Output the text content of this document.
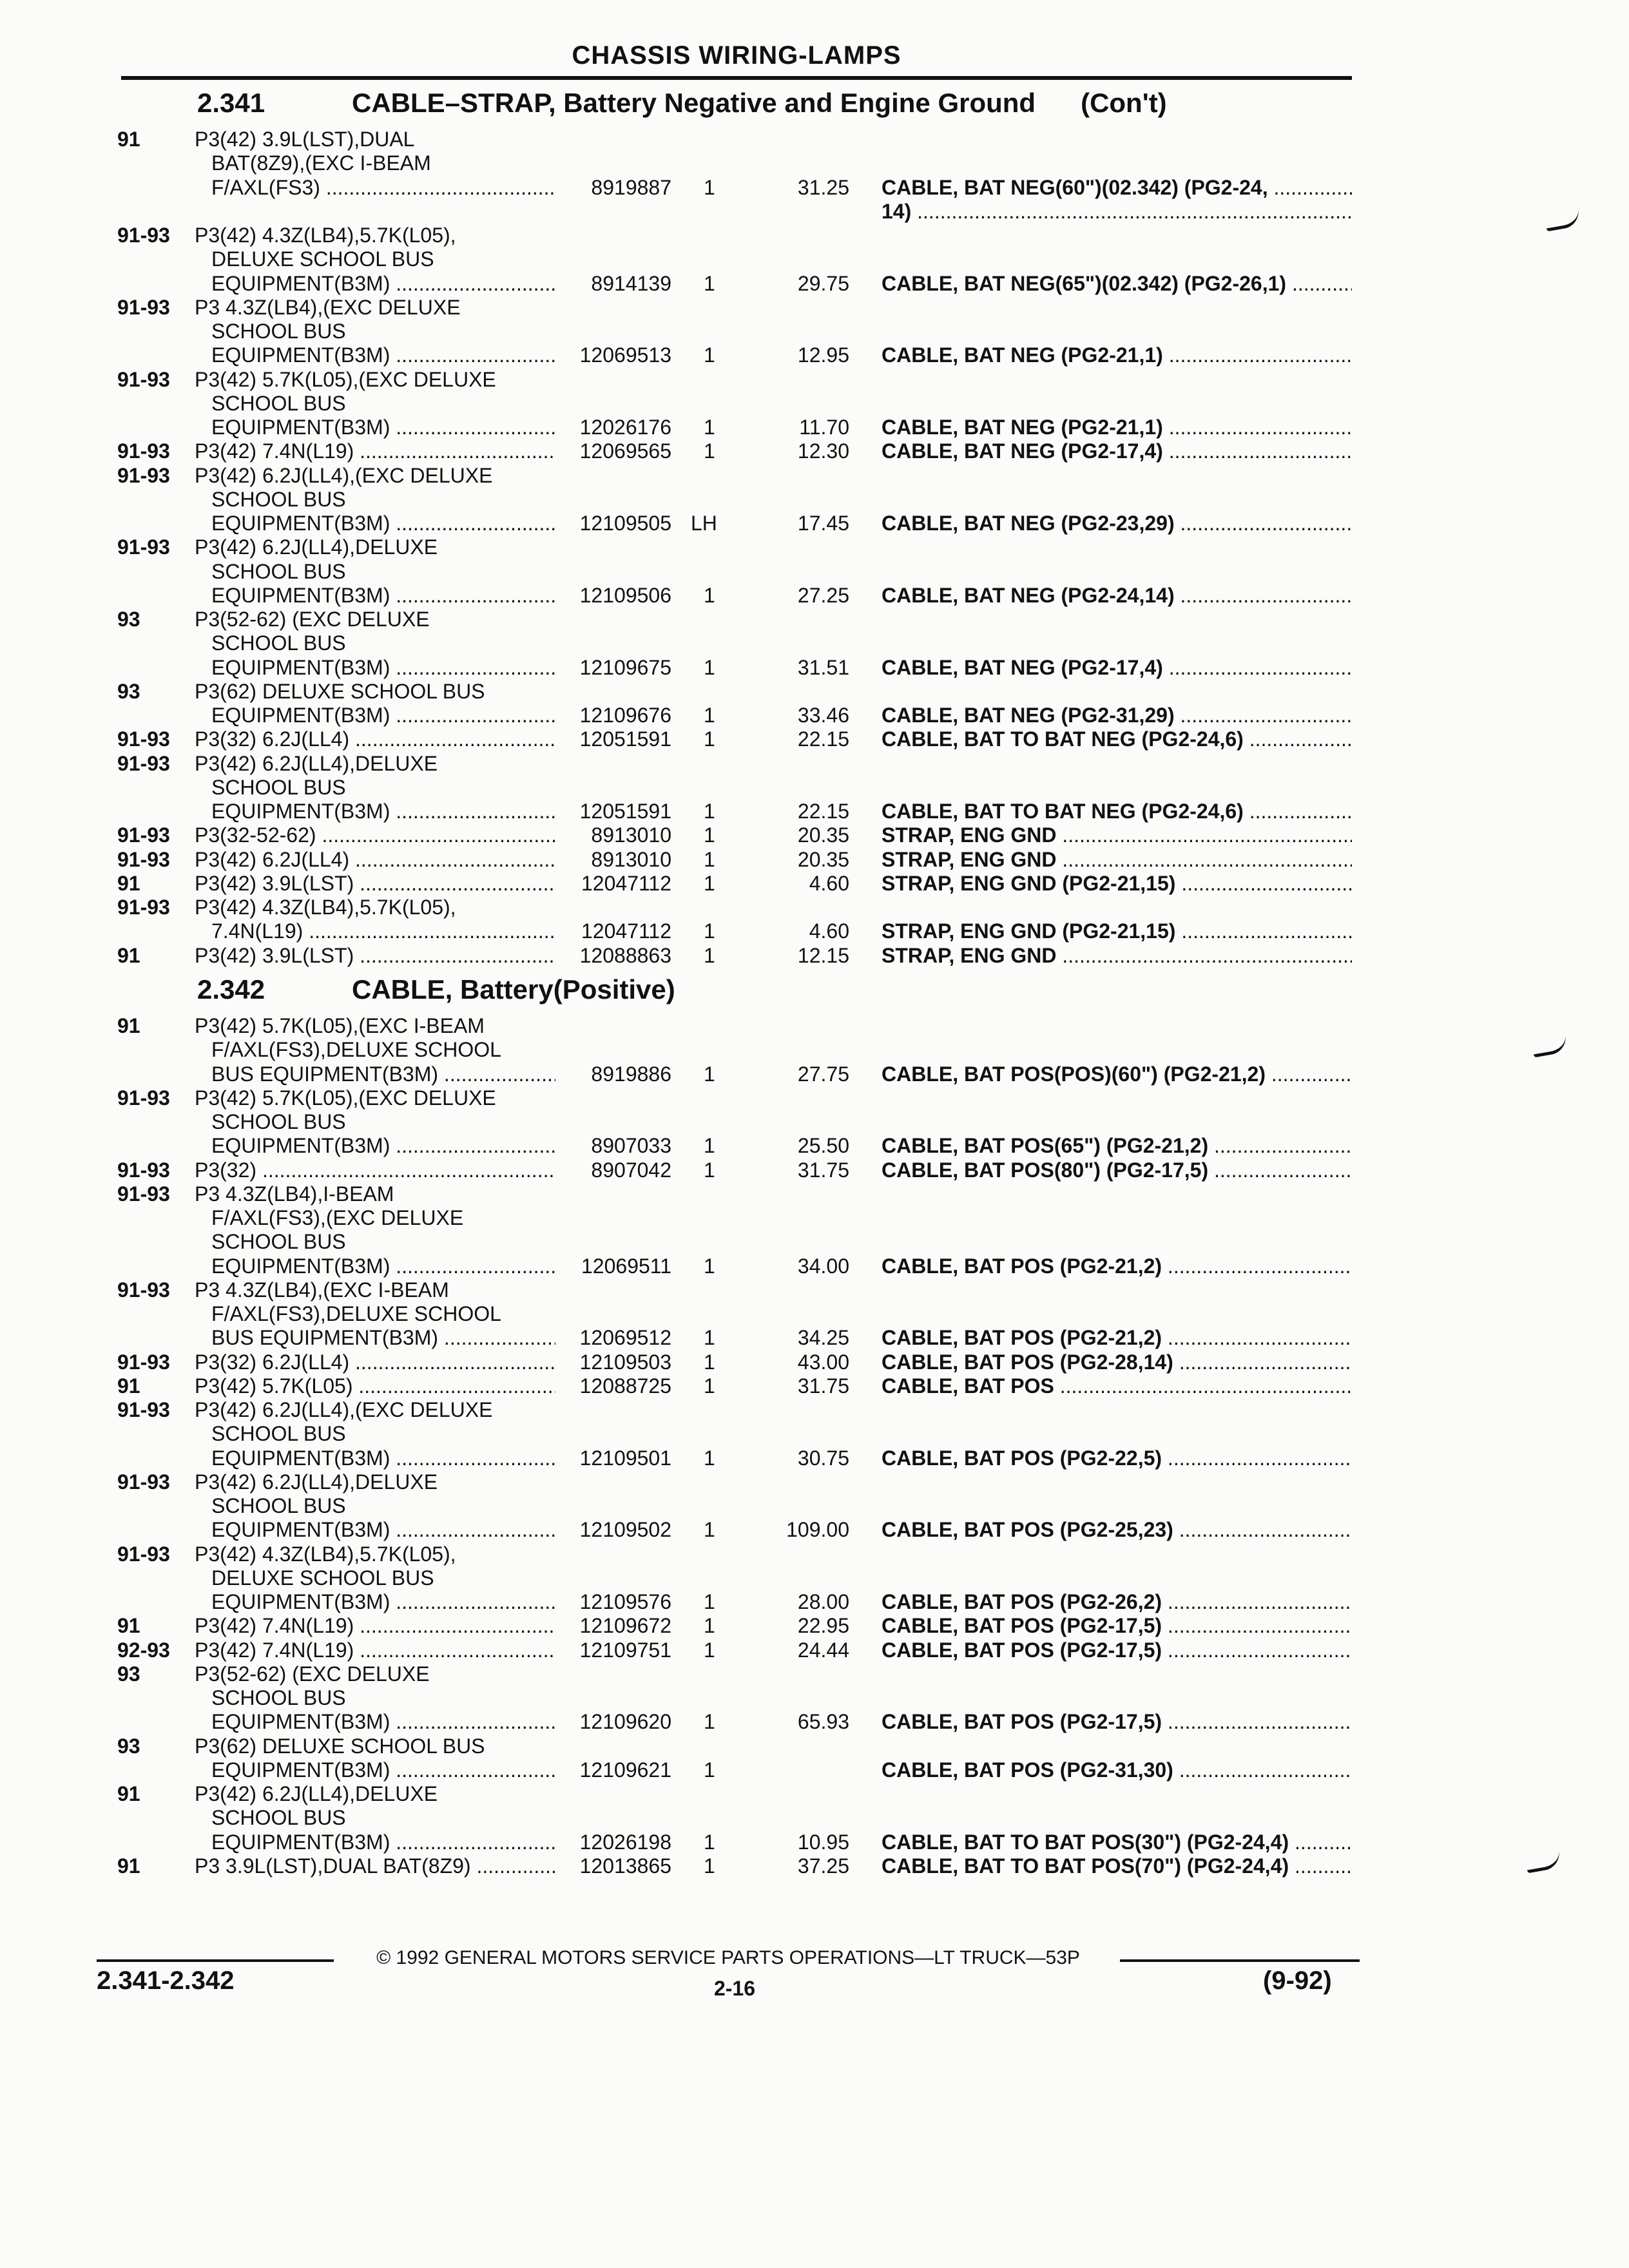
CHASSIS WIRING-LAMPS
2.341	CABLE–STRAP, Battery Negative and Engine Ground (Con't)
91	P3(42) 3.9L(LST),DUAL
BAT(8Z9),(EXC I-BEAM
F/AXL(FS3) .....	8919887 1	31.25 CABLE, BAT NEG(60")(02.342) (PG2-24, .....
14) .....
91-93 P3(42) 4.3Z(LB4),5.7K(L05),
DELUXE SCHOOL BUS
EQUIPMENT(B3M) .....	8914139 1	29.75 CABLE, BAT NEG(65")(02.342) (PG2-26,1) .....
91-93 P3 4.3Z(LB4),(EXC DELUXE
SCHOOL BUS
EQUIPMENT(B3M) .....	12069513 1	12.95 CABLE, BAT NEG (PG2-21,1) .....
91-93 P3(42) 5.7K(L05),(EXC DELUXE
SCHOOL BUS
EQUIPMENT(B3M) .....	12026176 1	11.70 CABLE, BAT NEG (PG2-21,1) .....
91-93 P3(42) 7.4N(L19) .....	12069565 1	12.30 CABLE, BAT NEG (PG2-17,4) .....
91-93 P3(42) 6.2J(LL4),(EXC DELUXE
SCHOOL BUS
EQUIPMENT(B3M) .....	12109505 LH	17.45 CABLE, BAT NEG (PG2-23,29) .....
91-93 P3(42) 6.2J(LL4),DELUXE
SCHOOL BUS
EQUIPMENT(B3M) .....	12109506 1	27.25 CABLE, BAT NEG (PG2-24,14) .....
93	P3(52-62) (EXC DELUXE
SCHOOL BUS
EQUIPMENT(B3M) .....	12109675 1	31.51 CABLE, BAT NEG (PG2-17,4) .....
93	P3(62) DELUXE SCHOOL BUS
EQUIPMENT(B3M) .....	12109676 1	33.46 CABLE, BAT NEG (PG2-31,29) .....
91-93 P3(32) 6.2J(LL4) .....	12051591 1	22.15 CABLE, BAT TO BAT NEG (PG2-24,6) .....
91-93 P3(42) 6.2J(LL4),DELUXE
SCHOOL BUS
EQUIPMENT(B3M) .....	12051591 1	22.15 CABLE, BAT TO BAT NEG (PG2-24,6) .....
91-93 P3(32-52-62) .....	8913010 1	20.35 STRAP, ENG GND .....
91-93 P3(42) 6.2J(LL4) .....	8913010 1	20.35 STRAP, ENG GND .....
91	P3(42) 3.9L(LST) .....	12047112 1	4.60 STRAP, ENG GND (PG2-21,15) .....
91-93 P3(42) 4.3Z(LB4),5.7K(L05),
7.4N(L19) .....	12047112 1	4.60 STRAP, ENG GND (PG2-21,15) .....
91	P3(42) 3.9L(LST) .....	12088863 1	12.15 STRAP, ENG GND .....
2.342	CABLE, Battery(Positive)
91	P3(42) 5.7K(L05),(EXC I-BEAM
F/AXL(FS3),DELUXE SCHOOL
BUS EQUIPMENT(B3M) .....	8919886 1	27.75 CABLE, BAT POS(POS)(60") (PG2-21,2) .....
91-93 P3(42) 5.7K(L05),(EXC DELUXE
SCHOOL BUS
EQUIPMENT(B3M) .....	8907033 1	25.50 CABLE, BAT POS(65") (PG2-21,2) .....
91-93 P3(32) .....	8907042 1	31.75 CABLE, BAT POS(80") (PG2-17,5) .....
91-93 P3 4.3Z(LB4),I-BEAM
F/AXL(FS3),(EXC DELUXE
SCHOOL BUS
EQUIPMENT(B3M) .....	12069511 1	34.00 CABLE, BAT POS (PG2-21,2) .....
91-93 P3 4.3Z(LB4),(EXC I-BEAM
F/AXL(FS3),DELUXE SCHOOL
BUS EQUIPMENT(B3M) .....	12069512 1	34.25 CABLE, BAT POS (PG2-21,2) .....
91-93 P3(32) 6.2J(LL4) .....	12109503 1	43.00 CABLE, BAT POS (PG2-28,14) .....
91	P3(42) 5.7K(L05) .....	12088725 1	31.75 CABLE, BAT POS .....
91-93 P3(42) 6.2J(LL4),(EXC DELUXE
SCHOOL BUS
EQUIPMENT(B3M) .....	12109501 1	30.75 CABLE, BAT POS (PG2-22,5) .....
91-93 P3(42) 6.2J(LL4),DELUXE
SCHOOL BUS
EQUIPMENT(B3M) .....	12109502 1	109.00 CABLE, BAT POS (PG2-25,23) .....
91-93 P3(42) 4.3Z(LB4),5.7K(L05),
DELUXE SCHOOL BUS
EQUIPMENT(B3M) .....	12109576 1	28.00 CABLE, BAT POS (PG2-26,2) .....
91	P3(42) 7.4N(L19) .....	12109672 1	22.95 CABLE, BAT POS (PG2-17,5) .....
92-93 P3(42) 7.4N(L19) .....	12109751 1	24.44 CABLE, BAT POS (PG2-17,5) .....
93	P3(52-62) (EXC DELUXE
SCHOOL BUS
EQUIPMENT(B3M) .....	12109620 1	65.93 CABLE, BAT POS (PG2-17,5) .....
93	P3(62) DELUXE SCHOOL BUS
EQUIPMENT(B3M) .....	12109621 1	CABLE, BAT POS (PG2-31,30) .....
91	P3(42) 6.2J(LL4),DELUXE
SCHOOL BUS
EQUIPMENT(B3M) .....	12026198 1	10.95 CABLE, BAT TO BAT POS(30") (PG2-24,4) .....
91	P3 3.9L(LST),DUAL BAT(8Z9) .....	12013865 1	37.25 CABLE, BAT TO BAT POS(70") (PG2-24,4) .....
© 1992 GENERAL MOTORS SERVICE PARTS OPERATIONS—LT TRUCK—53P
2.341-2.342	2-16	(9-92)
